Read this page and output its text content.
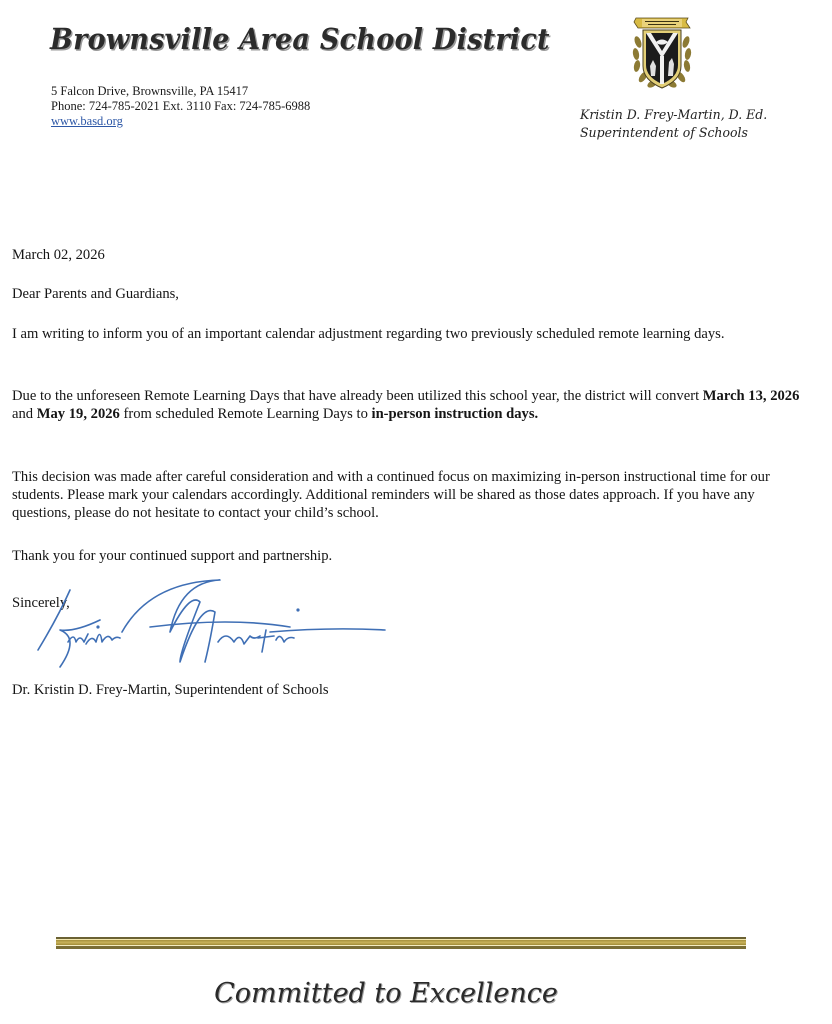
Brownsville Area School District
5 Falcon Drive, Brownsville, PA 15417
Phone: 724-785-2021 Ext. 3110 Fax: 724-785-6988
www.basd.org	Kristin D. Frey-Martin, D. Ed.
Superintendent of Schools

March 02, 2026

Dear Parents and Guardians,

I am writing to inform you of an important calendar adjustment regarding two previously scheduled remote learning days.

Due to the unforeseen Remote Learning Days that have already been utilized this school year, the district will convert March 13, 2026 and May 19, 2026 from scheduled Remote Learning Days to in-person instruction days.

This decision was made after careful consideration and with a continued focus on maximizing in-person instructional time for our students. Please mark your calendars accordingly. Additional reminders will be shared as those dates approach. If you have any questions, please do not hesitate to contact your child’s school.

Thank you for your continued support and partnership.

Sincerely,

Dr. Kristin D. Frey-Martin, Superintendent of Schools

Committed to Excellence
